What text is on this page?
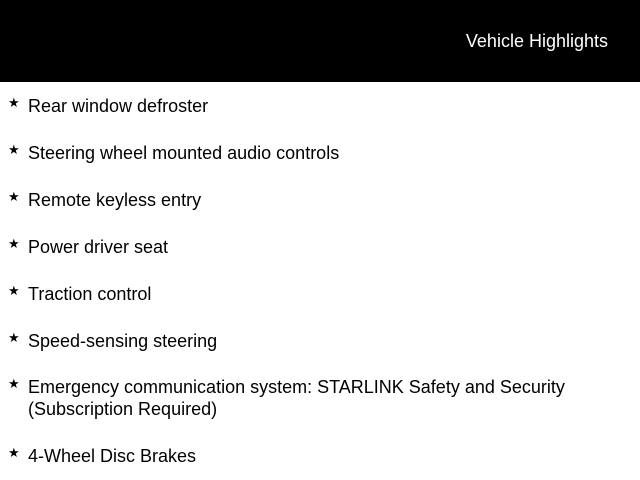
Vehicle Highlights
★ Rear window defroster
★ Steering wheel mounted audio controls
★ Remote keyless entry
★ Power driver seat
★ Traction control
★ Speed-sensing steering
★ Emergency communication system: STARLINK Safety and Security (Subscription Required)
★ 4-Wheel Disc Brakes
